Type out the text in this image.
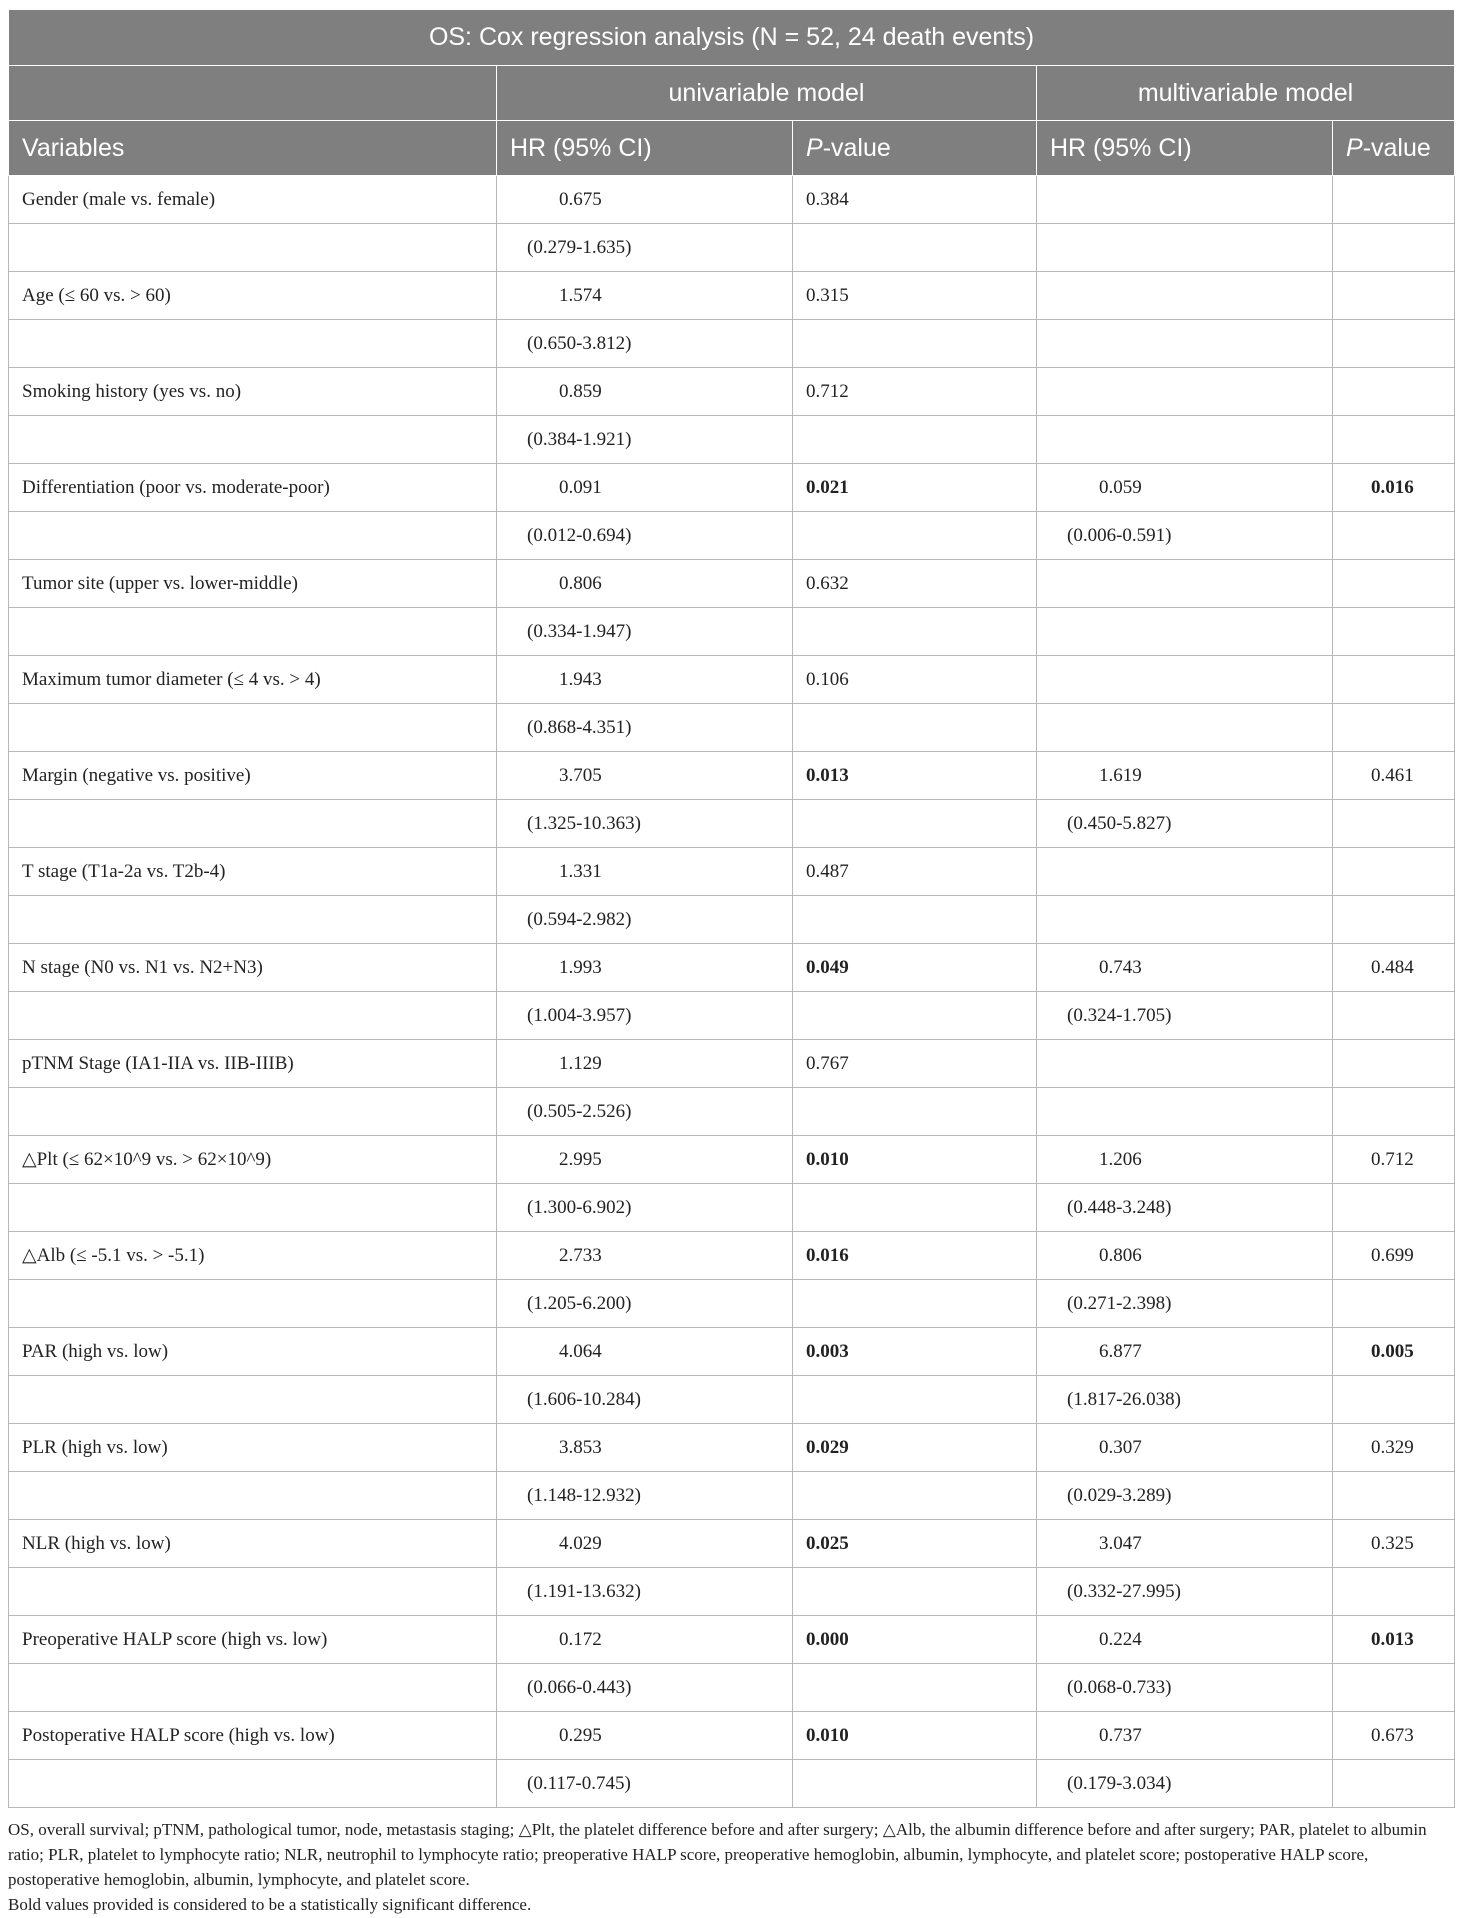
OS: Cox regression analysis (N = 52, 24 death events)				
	univariable model		multivariable model	
Variables	HR (95% CI)	P-value	HR (95% CI)	P-value
Gender (male vs. female)	0.675	0.384		
	(0.279-1.635)			
Age (≤ 60 vs. > 60)	1.574	0.315		
	(0.650-3.812)			
Smoking history (yes vs. no)	0.859	0.712		
	(0.384-1.921)			
Differentiation (poor vs. moderate-poor)	0.091	0.021	0.059	0.016
	(0.012-0.694)		(0.006-0.591)	
Tumor site (upper vs. lower-middle)	0.806	0.632		
	(0.334-1.947)			
Maximum tumor diameter (≤ 4 vs. > 4)	1.943	0.106		
	(0.868-4.351)			
Margin (negative vs. positive)	3.705	0.013	1.619	0.461
	(1.325-10.363)		(0.450-5.827)	
T stage (T1a-2a vs. T2b-4)	1.331	0.487		
	(0.594-2.982)			
N stage (N0 vs. N1 vs. N2+N3)	1.993	0.049	0.743	0.484
	(1.004-3.957)		(0.324-1.705)	
pTNM Stage (IA1-IIA vs. IIB-IIIB)	1.129	0.767		
	(0.505-2.526)			
△Plt (≤ 62×10^9 vs. > 62×10^9)	2.995	0.010	1.206	0.712
	(1.300-6.902)		(0.448-3.248)	
△Alb (≤ -5.1 vs. > -5.1)	2.733	0.016	0.806	0.699
	(1.205-6.200)		(0.271-2.398)	
PAR (high vs. low)	4.064	0.003	6.877	0.005
	(1.606-10.284)		(1.817-26.038)	
PLR (high vs. low)	3.853	0.029	0.307	0.329
	(1.148-12.932)		(0.029-3.289)	
NLR (high vs. low)	4.029	0.025	3.047	0.325
	(1.191-13.632)		(0.332-27.995)	
Preoperative HALP score (high vs. low)	0.172	0.000	0.224	0.013
	(0.066-0.443)		(0.068-0.733)	
Postoperative HALP score (high vs. low)	0.295	0.010	0.737	0.673
	(0.117-0.745)		(0.179-3.034)	

OS, overall survival; pTNM, pathological tumor, node, metastasis staging; △Plt, the platelet difference before and after surgery; △Alb, the albumin difference before and after surgery; PAR, platelet to albumin ratio; PLR, platelet to lymphocyte ratio; NLR, neutrophil to lymphocyte ratio; preoperative HALP score, preoperative hemoglobin, albumin, lymphocyte, and platelet score; postoperative HALP score, postoperative hemoglobin, albumin, lymphocyte, and platelet score.

Bold values provided is considered to be a statistically significant difference.
